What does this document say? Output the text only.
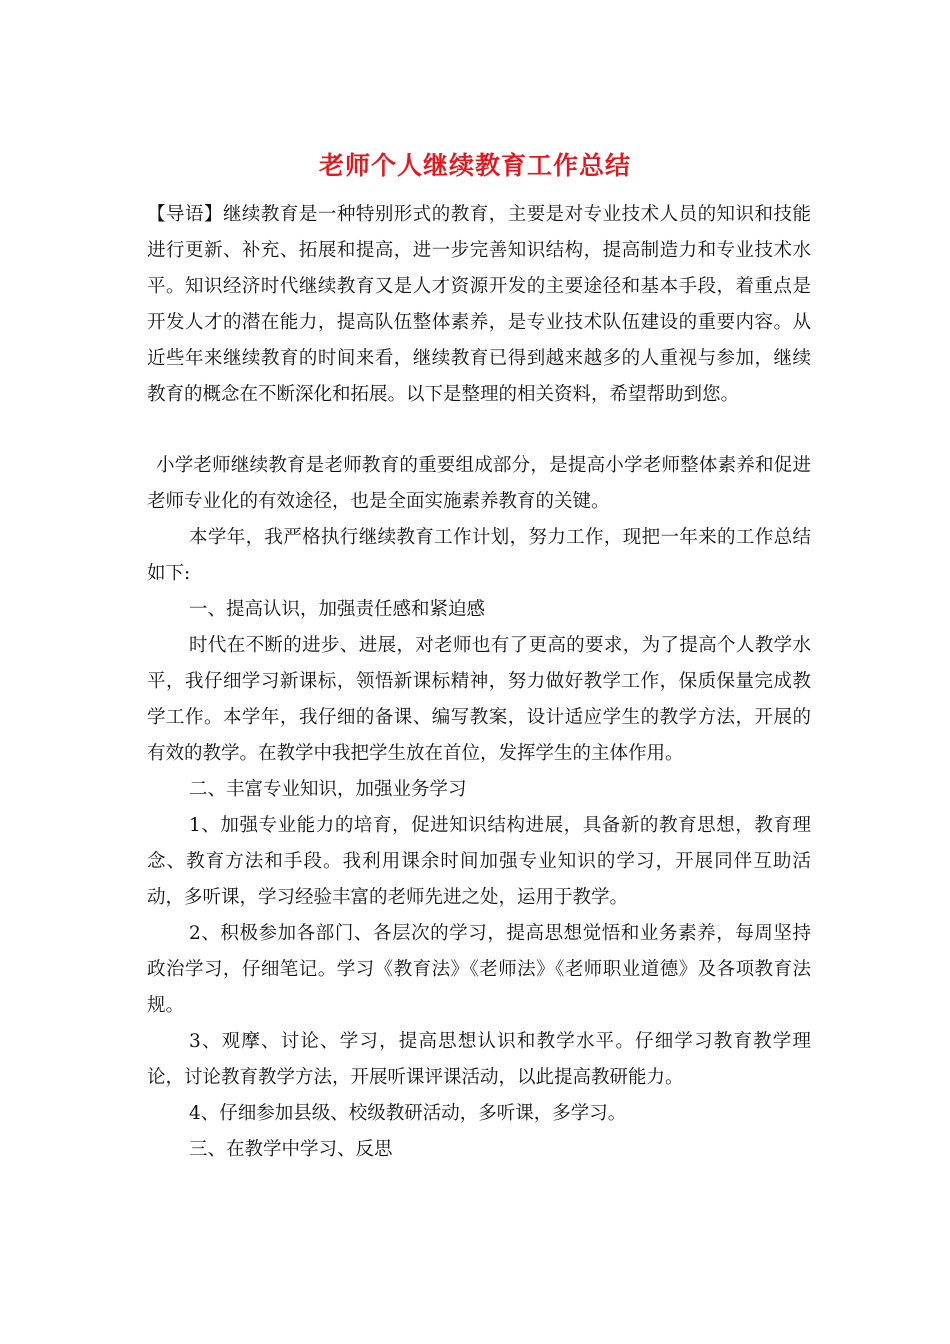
老师个人继续教育工作总结

【导语】继续教育是一种特别形式的教育，主要是对专业技术人员的知识和技能进行更新、补充、拓展和提高，进一步完善知识结构，提高制造力和专业技术水平。知识经济时代继续教育又是人才资源开发的主要途径和基本手段，着重点是开发人才的潜在能力，提高队伍整体素养，是专业技术队伍建设的重要内容。从近些年来继续教育的时间来看，继续教育已得到越来越多的人重视与参加，继续教育的概念在不断深化和拓展。以下是整理的相关资料，希望帮助到您。

小学老师继续教育是老师教育的重要组成部分，是提高小学老师整体素养和促进老师专业化的有效途径，也是全面实施素养教育的关键。

本学年，我严格执行继续教育工作计划，努力工作，现把一年来的工作总结如下:

一、提高认识，加强责任感和紧迫感

时代在不断的进步、进展，对老师也有了更高的要求，为了提高个人教学水平，我仔细学习新课标，领悟新课标精神，努力做好教学工作，保质保量完成教学工作。本学年，我仔细的备课、编写教案，设计适应学生的教学方法，开展的有效的教学。在教学中我把学生放在首位，发挥学生的主体作用。

二、丰富专业知识，加强业务学习

1、加强专业能力的培育，促进知识结构进展，具备新的教育思想，教育理念、教育方法和手段。我利用课余时间加强专业知识的学习，开展同伴互助活动，多听课，学习经验丰富的老师先进之处，运用于教学。

2、积极参加各部门、各层次的学习，提高思想觉悟和业务素养，每周坚持政治学习，仔细笔记。学习《教育法》《老师法》《老师职业道德》及各项教育法规。

3、观摩、讨论、学习，提高思想认识和教学水平。仔细学习教育教学理论，讨论教育教学方法，开展听课评课活动，以此提高教研能力。

4、仔细参加县级、校级教研活动，多听课，多学习。

三、在教学中学习、反思
